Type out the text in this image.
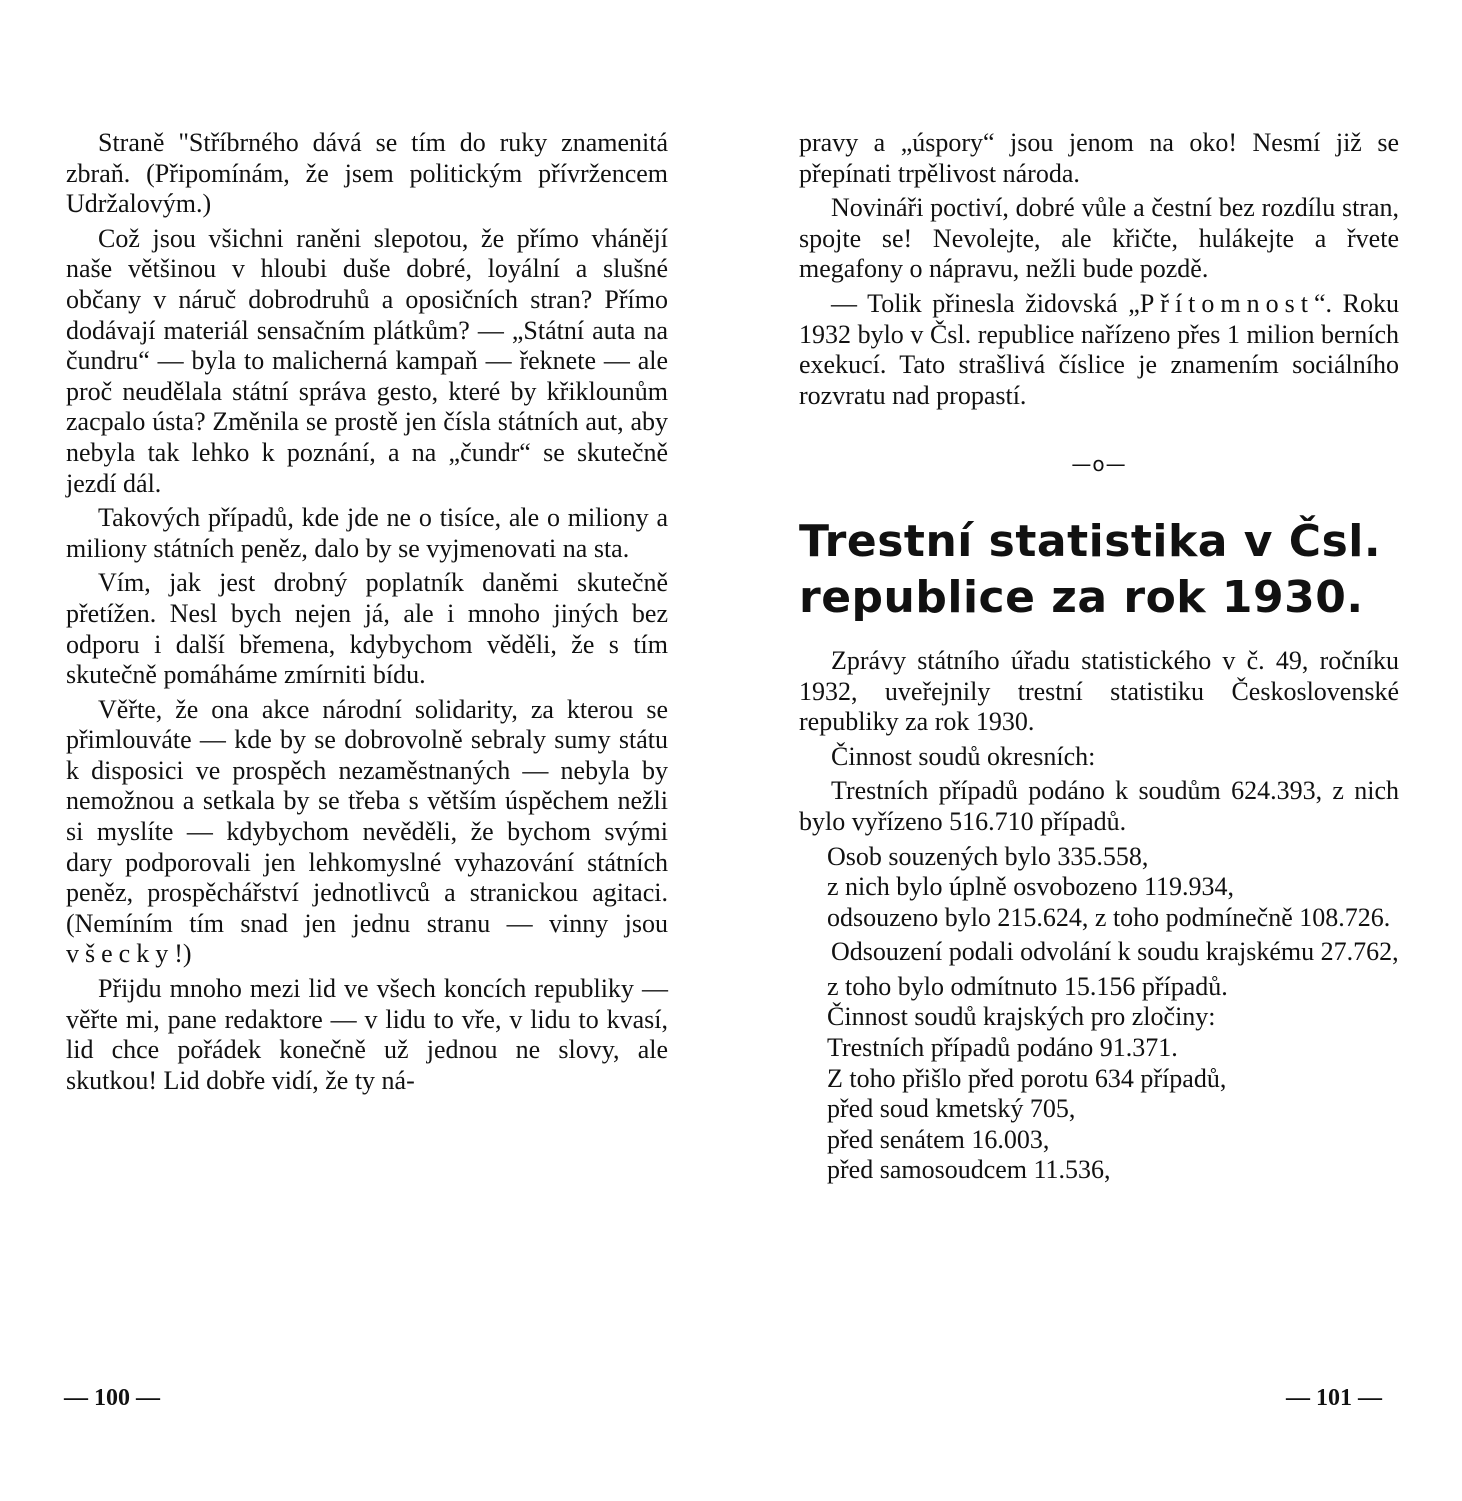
Straně "Stříbrného dává se tím do ruky znamenitá zbraň. (Připomínám, že jsem politickým přívržencem Udržalovým.)

Což jsou všichni raněni slepotou, že přímo vhánějí naše většinou v hloubi duše dobré, loyální a slušné občany v náruč dobrodruhů a oposičních stran? Přímo dodávají materiál sensačním plátkům? — „Státní auta na čundru“ — byla to malicherná kampaň — řeknete — ale proč neudělala státní správa gesto, které by křiklounům zacpalo ústa? Změnila se prostě jen čísla státních aut, aby nebyla tak lehko k poznání, a na „čundr“ se skutečně jezdí dál.

Takových případů, kde jde ne o tisíce, ale o miliony a miliony státních peněz, dalo by se vyjmenovati na sta.

Vím, jak jest drobný poplatník daněmi skutečně přetížen. Nesl bych nejen já, ale i mnoho jiných bez odporu i další břemena, kdybychom věděli, že s tím skutečně pomáháme zmírniti bídu.

Věřte, že ona akce národní solidarity, za kterou se přimlouváte — kde by se dobrovolně sebraly sumy státu k disposici ve prospěch nezaměstnaných — nebyla by nemožnou a setkala by se třeba s větším úspěchem nežli si myslíte — kdybychom nevěděli, že bychom svými dary podporovali jen lehkomyslné vyhazování státních peněz, prospěchářství jednotlivců a stranickou agitaci. (Nemíním tím snad jen jednu stranu — vinny jsou všecky!)

Přijdu mnoho mezi lid ve všech koncích republiky — věřte mi, pane redaktore — v lidu to vře, v lidu to kvasí, lid chce pořádek konečně už jednou ne slovy, ale skutkou! Lid dobře vidí, že ty ná-

— 100 —

pravy a „úspory“ jsou jenom na oko! Nesmí již se přepínati trpělivost národa.

Novináři poctiví, dobré vůle a čestní bez rozdílu stran, spojte se! Nevolejte, ale křičte, hulákejte a řvete megafony o nápravu, nežli bude pozdě.

— Tolik přinesla židovská „Přítomnost“. Roku 1932 bylo v Čsl. republice nařízeno přes 1 milion berních exekucí. Tato strašlivá číslice je znamením sociálního rozvratu nad propastí.

—o—
Trestní statistika v Čsl. republice za rok 1930.

Zprávy státního úřadu statistického v č. 49, ročníku 1932, uveřejnily trestní statistiku Československé republiky za rok 1930.

Činnost soudů okresních:

Trestních případů podáno k soudům 624.393, z nich bylo vyřízeno 516.710 případů.

Osob souzených bylo 335.558,

z nich bylo úplně osvobozeno 119.934,

odsouzeno bylo 215.624, z toho podmínečně 108.726.

Odsouzení podali odvolání k soudu krajskému 27.762,

z toho bylo odmítnuto 15.156 případů.

Činnost soudů krajských pro zločiny:

Trestních případů podáno 91.371.

Z toho přišlo před porotu 634 případů,

před soud kmetský 705,

před senátem 16.003,

před samosoudcem 11.536,

— 101 —
